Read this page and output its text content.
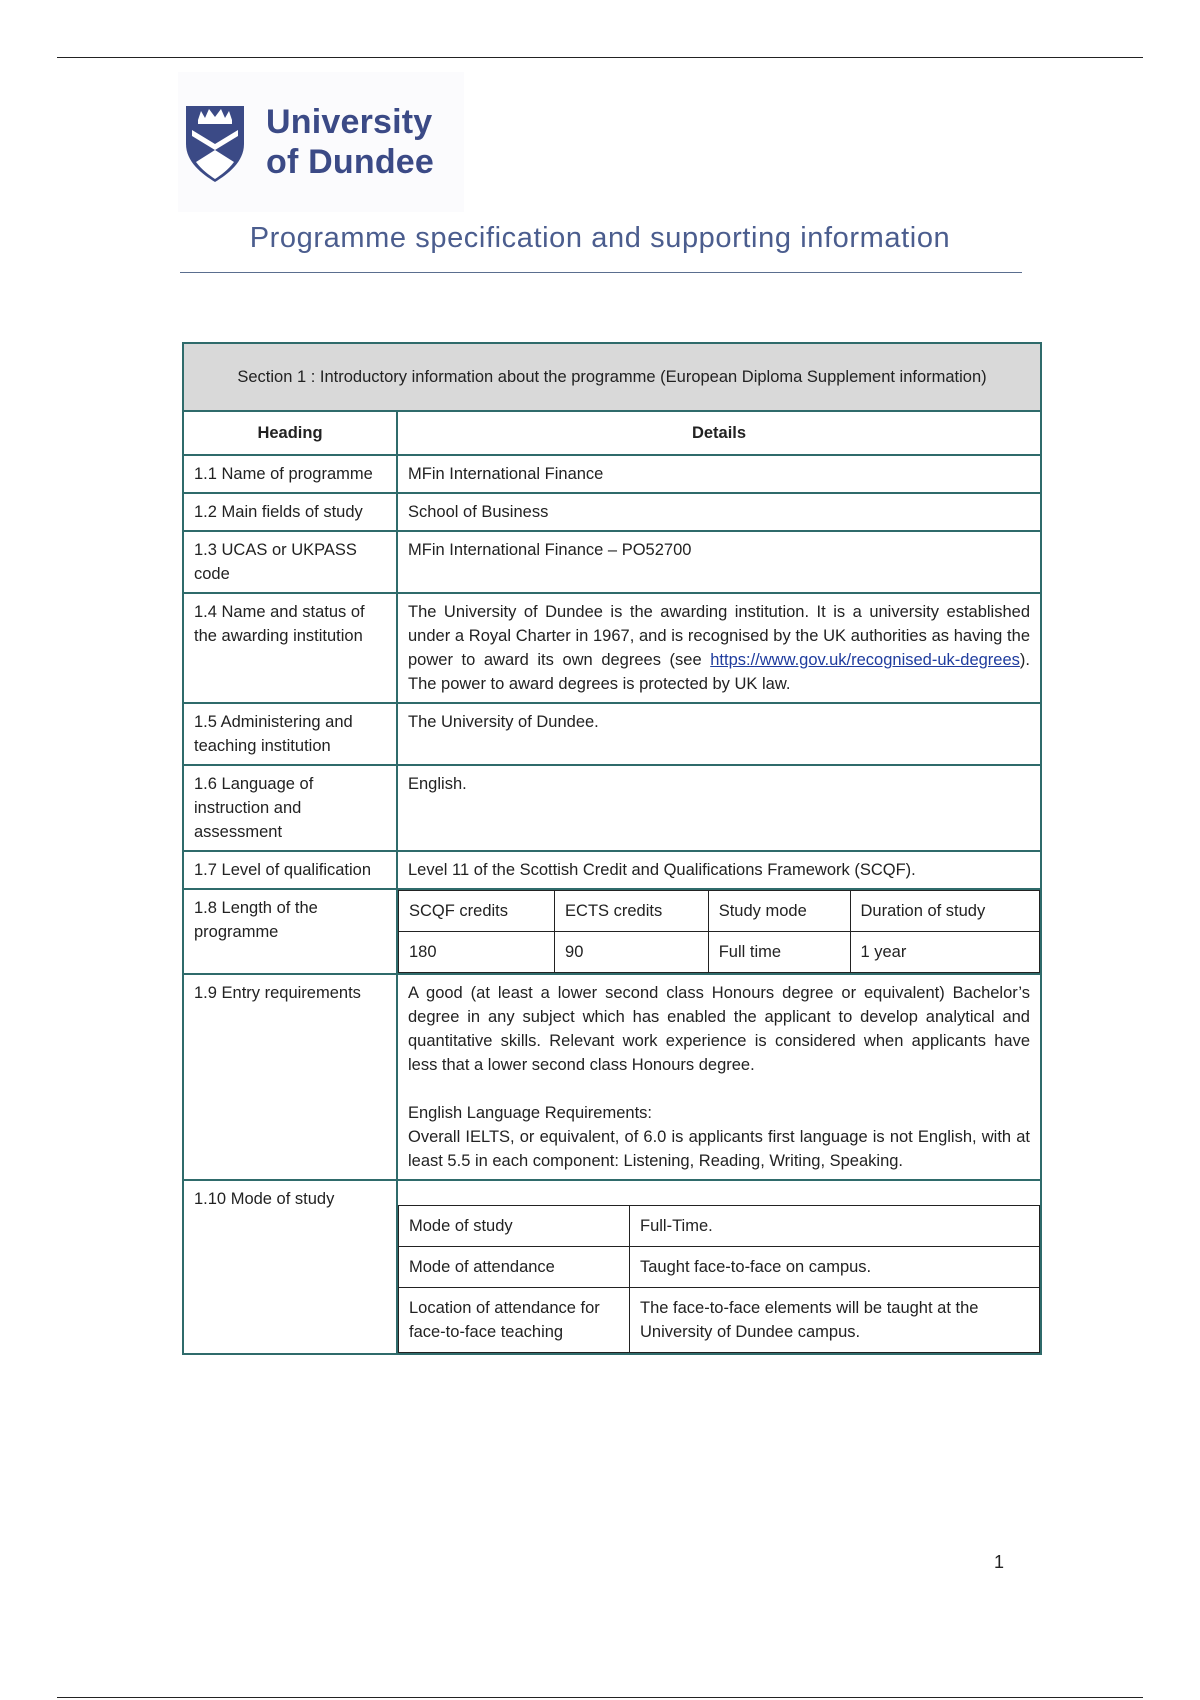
University
of Dundee
Programme specification and supporting information
Section 1 : Introductory information about the programme (European Diploma Supplement information)
Heading	Details
1.1 Name of programme	MFin International Finance
1.2 Main fields of study	School of Business
1.3 UCAS or UKPASS code	MFin International Finance – PO52700
1.4 Name and status of the awarding institution	The University of Dundee is the awarding institution. It is a university established under a Royal Charter in 1967, and is recognised by the UK authorities as having the power to award its own degrees (see https://www.gov.uk/recognised-uk-degrees). The power to award degrees is protected by UK law.
1.5 Administering and teaching institution	The University of Dundee.
1.6 Language of instruction and assessment	English.
1.7 Level of qualification	Level 11 of the Scottish Credit and Qualifications Framework (SCQF).
1.8 Length of the programme	
SCQF credits	ECTS credits	Study mode	Duration of study
180	90	Full time	1 year

1.9 Entry requirements	A good (at least a lower second class Honours degree or equivalent) Bachelor’s degree in any subject which has enabled the applicant to develop analytical and quantitative skills. Relevant work experience is considered when applicants have less that a lower second class Honours degree.
English Language Requirements:
Overall IELTS, or equivalent, of 6.0 is applicants first language is not English, with at least 5.5 in each component: Listening, Reading, Writing, Speaking.

1.10 Mode of study	
Mode of study	Full-Time.
Mode of attendance	Taught face-to-face on campus.
Location of attendance for face-to-face teaching	The face-to-face elements will be taught at the University of Dundee campus.
1
